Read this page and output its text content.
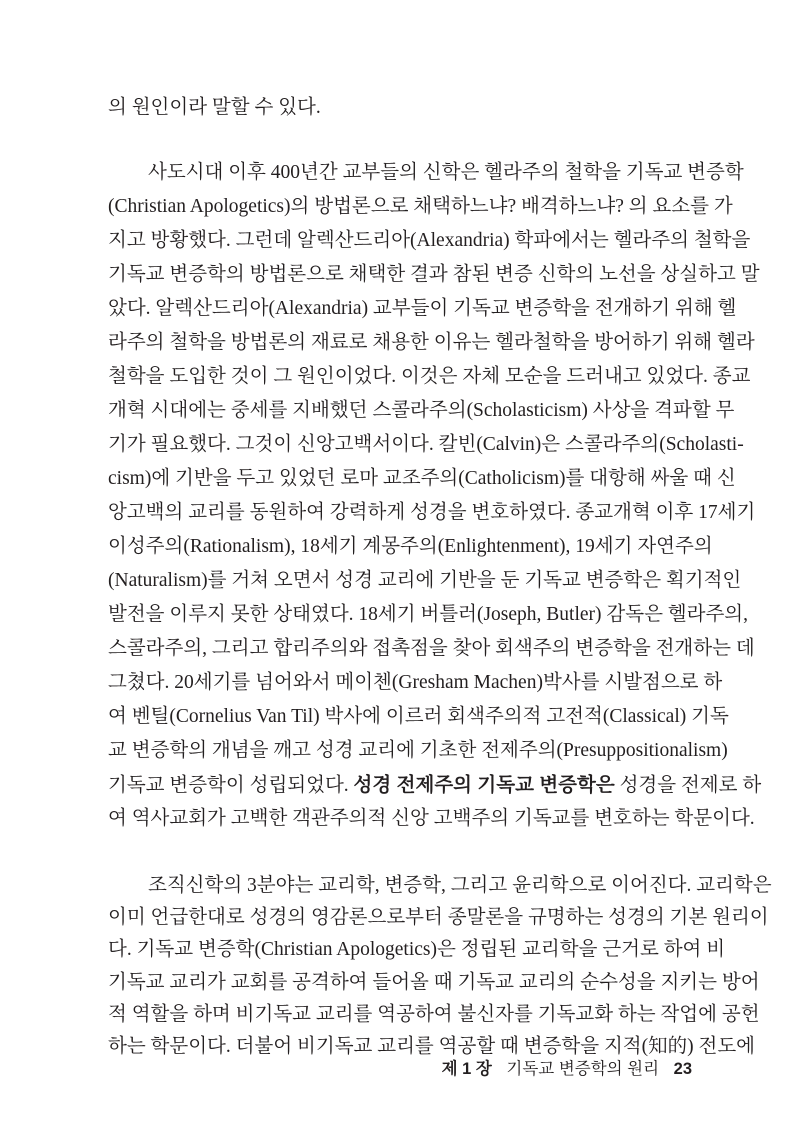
의 원인이라 말할 수 있다.
사도시대 이후 400년간 교부들의 신학은 헬라주의 철학을 기독교 변증학
(Christian Apologetics)의 방법론으로 채택하느냐? 배격하느냐? 의 요소를 가
지고 방황했다. 그런데 알렉산드리아(Alexandria) 학파에서는 헬라주의 철학을
기독교 변증학의 방법론으로 채택한 결과 참된 변증 신학의 노선을 상실하고 말
았다. 알렉산드리아(Alexandria) 교부들이 기독교 변증학을 전개하기 위해 헬
라주의 철학을 방법론의 재료로 채용한 이유는 헬라철학을 방어하기 위해 헬라
철학을 도입한 것이 그 원인이었다. 이것은 자체 모순을 드러내고 있었다. 종교
개혁 시대에는 중세를 지배했던 스콜라주의(Scholasticism) 사상을 격파할 무
기가 필요했다. 그것이 신앙고백서이다. 칼빈(Calvin)은 스콜라주의(Scholasti-
cism)에 기반을 두고 있었던 로마 교조주의(Catholicism)를 대항해 싸울 때 신
앙고백의 교리를 동원하여 강력하게 성경을 변호하였다. 종교개혁 이후 17세기
이성주의(Rationalism), 18세기 계몽주의(Enlightenment), 19세기 자연주의
(Naturalism)를 거쳐 오면서 성경 교리에 기반을 둔 기독교 변증학은 획기적인
발전을 이루지 못한 상태였다. 18세기 버틀러(Joseph, Butler) 감독은 헬라주의,
스콜라주의, 그리고 합리주의와 접촉점을 찾아 회색주의 변증학을 전개하는 데
그쳤다. 20세기를 넘어와서 메이첸(Gresham Machen)박사를 시발점으로 하
여 벤틸(Cornelius Van Til) 박사에 이르러 회색주의적 고전적(Classical) 기독
교 변증학의 개념을 깨고 성경 교리에 기초한 전제주의(Presuppositionalism)
기독교 변증학이 성립되었다. 성경 전제주의 기독교 변증학은 성경을 전제로 하
여 역사교회가 고백한 객관주의적 신앙 고백주의 기독교를 변호하는 학문이다.
조직신학의 3분야는 교리학, 변증학, 그리고 윤리학으로 이어진다. 교리학은
이미 언급한대로 성경의 영감론으로부터 종말론을 규명하는 성경의 기본 원리이
다. 기독교 변증학(Christian Apologetics)은 정립된 교리학을 근거로 하여 비
기독교 교리가 교회를 공격하여 들어올 때 기독교 교리의 순수성을 지키는 방어
적 역할을 하며 비기독교 교리를 역공하여 불신자를 기독교화 하는 작업에 공헌
하는 학문이다. 더불어 비기독교 교리를 역공할 때 변증학을 지적(知的) 전도에
제 1 장 기독교 변증학의 원리 23
